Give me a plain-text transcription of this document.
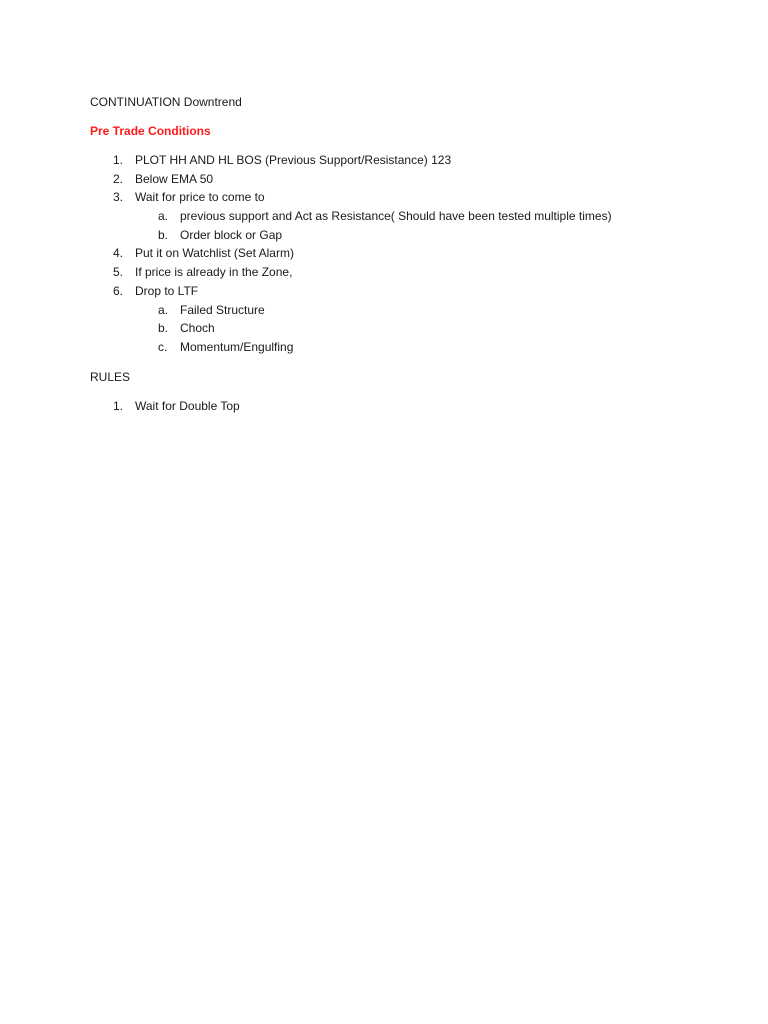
CONTINUATION Downtrend
Pre Trade Conditions
1. PLOT HH AND HL BOS (Previous Support/Resistance) 123
2. Below EMA 50
3. Wait for price to come to
a. previous support and Act as Resistance( Should have been tested multiple times)
b. Order block or Gap
4. Put it on Watchlist (Set Alarm)
5. If price is already in the Zone,
6. Drop to LTF
a. Failed Structure
b. Choch
c. Momentum/Engulfing
RULES
1. Wait for Double Top
